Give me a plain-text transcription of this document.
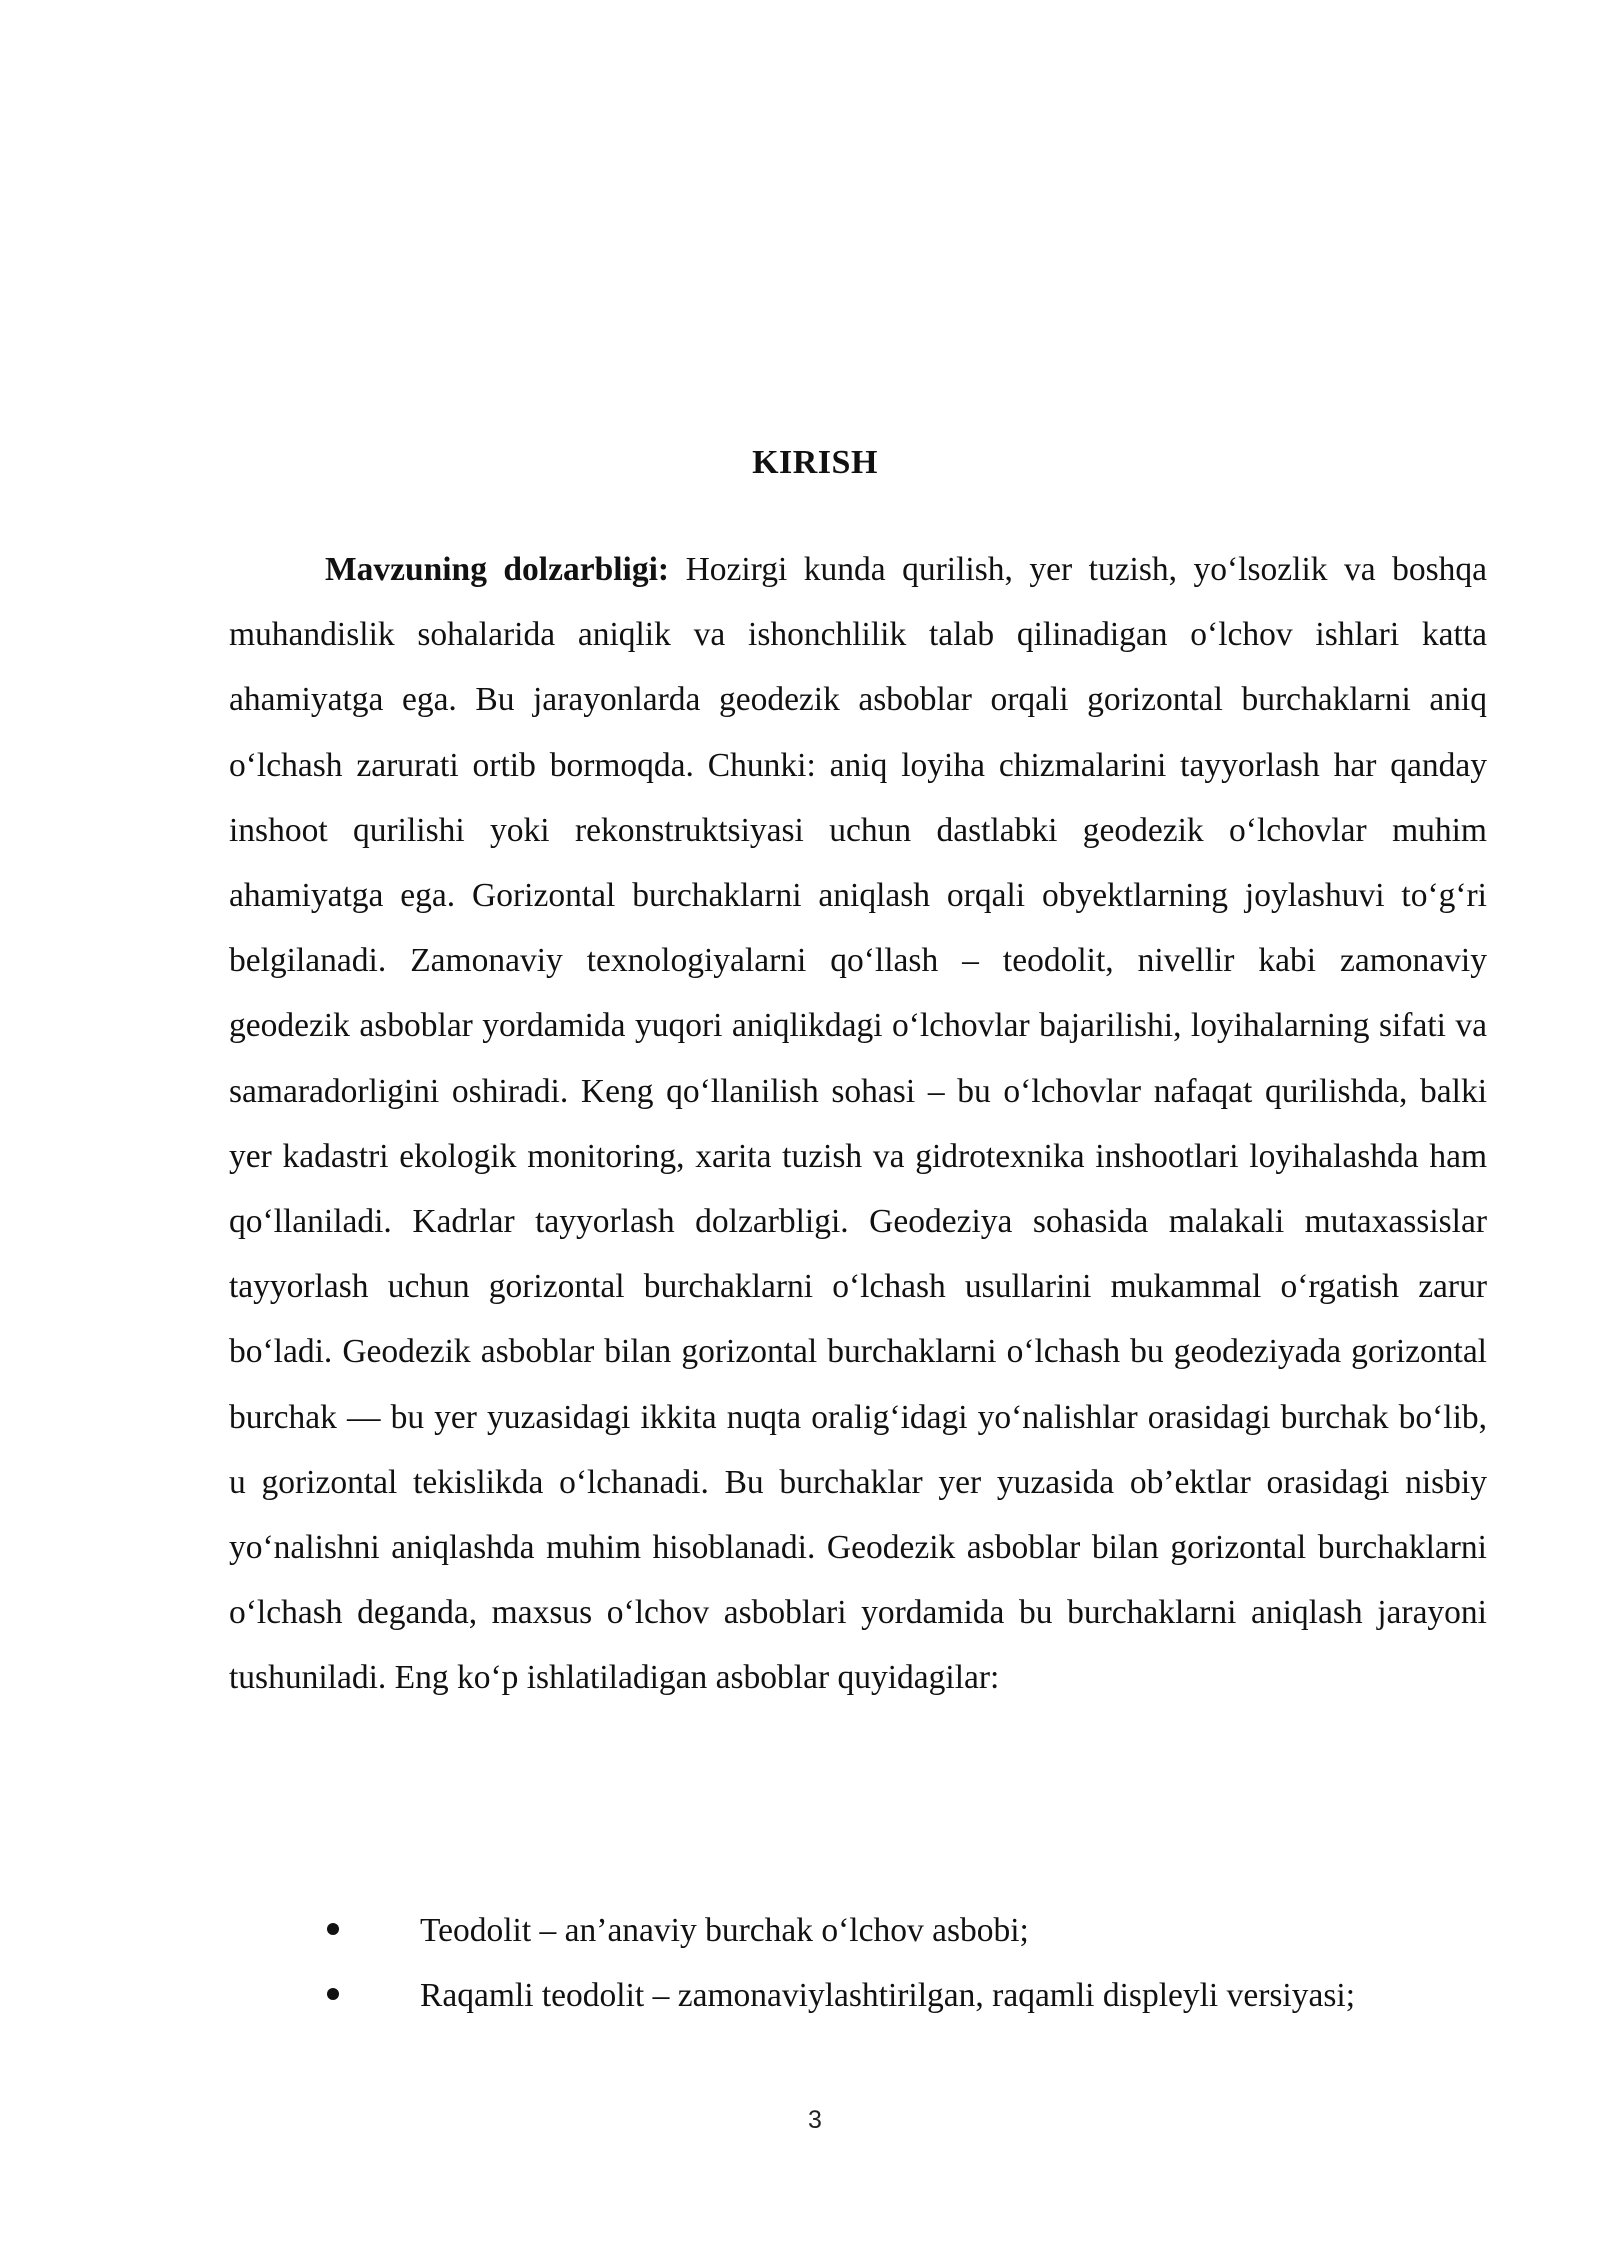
KIRISH

Mavzuning dolzarbligi: Hozirgi kunda qurilish, yer tuzish, yo‘lsozlik va boshqa muhandislik sohalarida aniqlik va ishonchlilik talab qilinadigan o‘lchov ishlari katta ahamiyatga ega. Bu jarayonlarda geodezik asboblar orqali gorizontal burchaklarni aniq o‘lchash zarurati ortib bormoqda. Chunki: aniq loyiha chizmalarini tayyorlash har qanday inshoot qurilishi yoki rekonstruktsiyasi uchun dastlabki geodezik o‘lchovlar muhim ahamiyatga ega. Gorizontal burchaklarni aniqlash orqali obyektlarning joylashuvi to‘g‘ri belgilanadi. Zamonaviy texnologiyalarni qo‘llash – teodolit, nivellir kabi zamonaviy geodezik asboblar yordamida yuqori aniqlikdagi o‘lchovlar bajarilishi, loyihalarning sifati va samaradorligini oshiradi. Keng qo‘llanilish sohasi – bu o‘lchovlar nafaqat qurilishda, balki yer kadastri ekologik monitoring, xarita tuzish va gidrotexnika inshootlari loyihalashda ham qo‘llaniladi. Kadrlar tayyorlash dolzarbligi. Geodeziya sohasida malakali mutaxassislar tayyorlash uchun gorizontal burchaklarni o‘lchash usullarini mukammal o‘rgatish zarur bo‘ladi. Geodezik asboblar bilan gorizontal burchaklarni o‘lchash bu geodeziyada gorizontal burchak — bu yer yuzasidagi ikkita nuqta oralig‘idagi yo‘nalishlar orasidagi burchak bo‘lib, u gorizontal tekislikda o‘lchanadi. Bu burchaklar yer yuzasida ob’ektlar orasidagi nisbiy yo‘nalishni aniqlashda muhim hisoblanadi. Geodezik asboblar bilan gorizontal burchaklarni o‘lchash deganda, maxsus o‘lchov asboblari yordamida bu burchaklarni aniqlash jarayoni tushuniladi. Eng ko‘p ishlatiladigan asboblar quyidagilar:

Teodolit – an’anaviy burchak o‘lchov asbobi;
Raqamli teodolit – zamonaviylashtirilgan, raqamli displeyli versiyasi;
3
